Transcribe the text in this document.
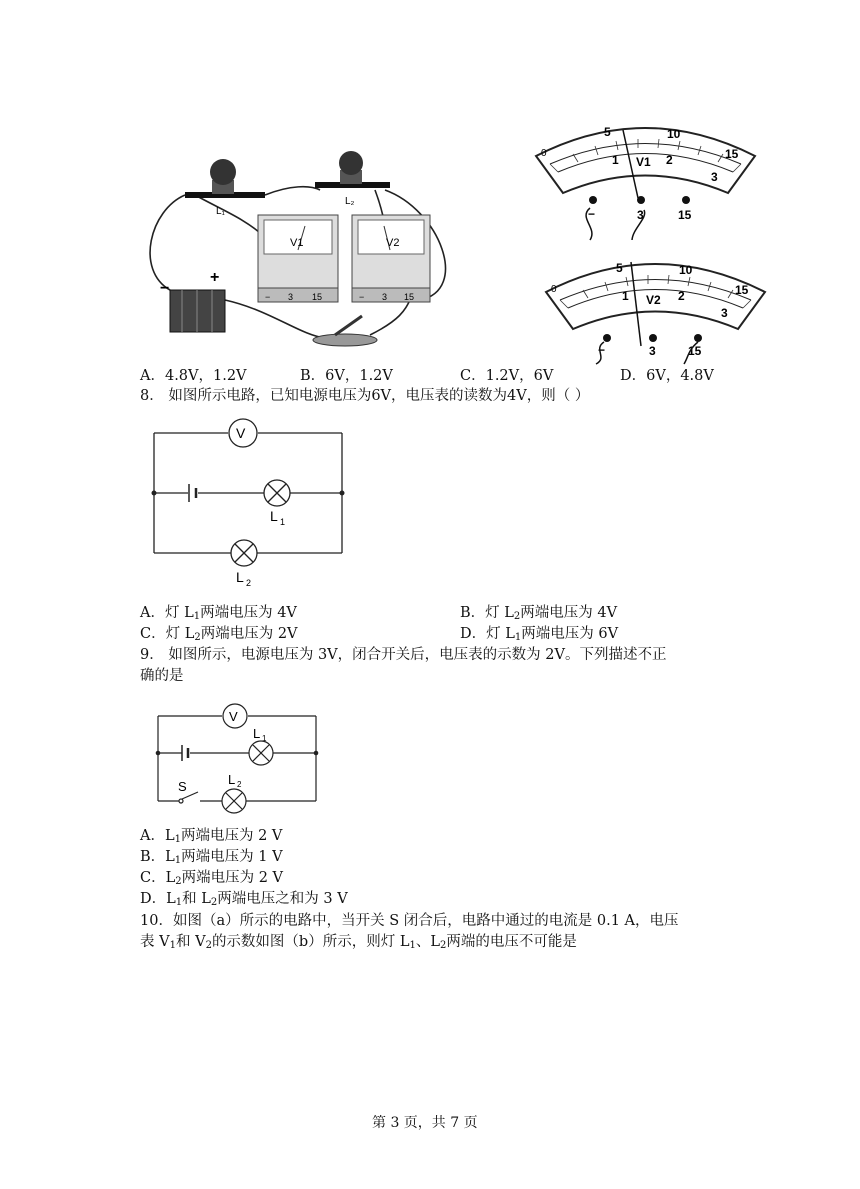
L₁
L₂
V1
− 3 15
V2
− 3 15
−
+
0
5	10
15
1	2
3
V1
−	3	15
0
5	10
15
1	2
3
V2
−	3	15
A．4.8V，1.2V	B．6V，1.2V	C．1.2V，6V	D．6V，4.8V
8． 如图所示电路，已知电源电压为6V，电压表的读数为4V，则（ ）
V
L 1
L 2
A．灯 $L_1$两端电压为 4V	B．灯 $L_2$两端电压为 4V
C．灯 $L_2$两端电压为 2V	D．灯 $L_1$两端电压为 6V
9． 如图所示，电源电压为 3V，闭合开关后，电压表的示数为 2V。下列描述不正
确的是
V
L 1
L 2
S
A．$L_1$两端电压为 2 V
B．$L_1$两端电压为 1 V
C．$L_2$两端电压为 2 V
D．$L_1$和 $L_2$两端电压之和为 3 V
10．如图（a）所示的电路中，当开关 S 闭合后，电路中通过的电流是 0.1 A，电压
表 $V_1$和 $V_2$的示数如图（b）所示，则灯 $L_1$、$L_2$两端的电压不可能是
第 3 页，共 7 页
